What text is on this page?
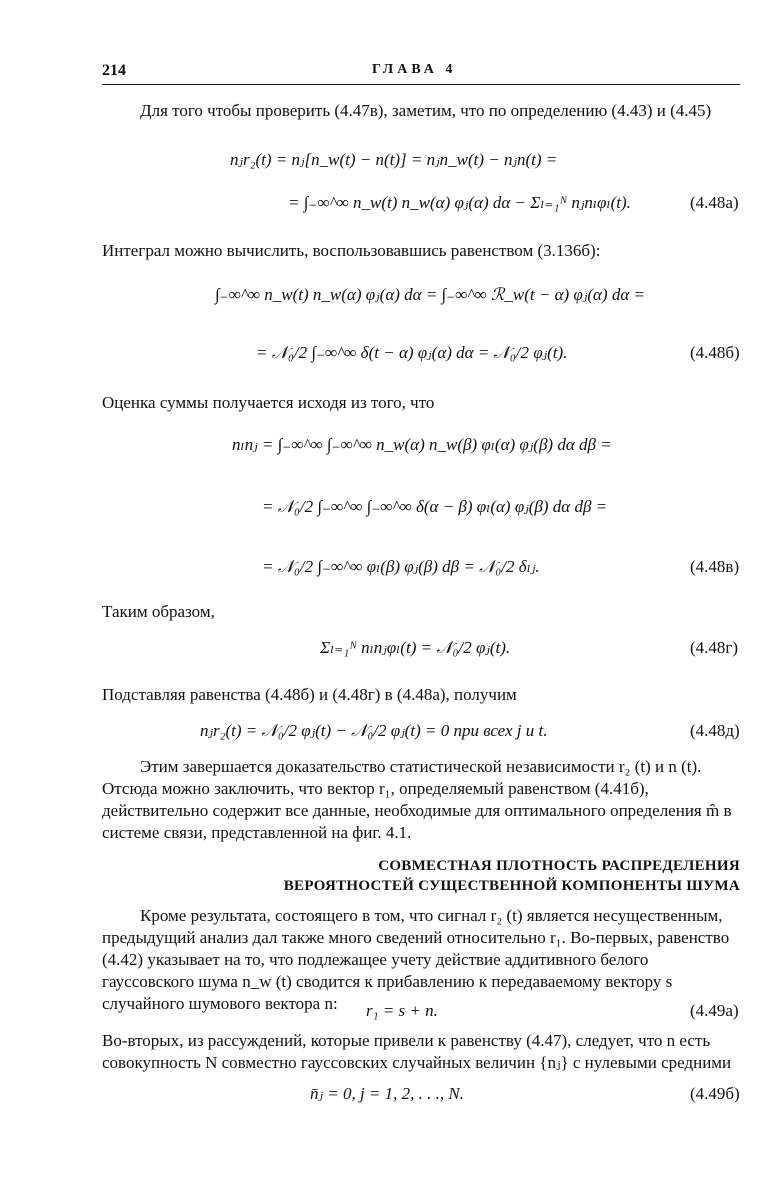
214	ГЛАВА 4
Для того чтобы проверить (4.47в), заметим, что по определению (4.43) и (4.45)
nⱼr₂(t) = nⱼ[n_w(t) − n(t)] = nⱼn_w(t) − nⱼn(t) =
= ∫₋∞^∞ n_w(t) n_w(α) φⱼ(α) dα − Σₗ₌₁ᴺ nⱼnₗφₗ(t).	(4.48а)
Интеграл можно вычислить, воспользовавшись равенством (3.136б):
∫₋∞^∞ n_w(t) n_w(α) φⱼ(α) dα = ∫₋∞^∞ ℛ_w(t − α) φⱼ(α) dα =
= 𝒩₀/2 ∫₋∞^∞ δ(t − α) φⱼ(α) dα = 𝒩₀/2 φⱼ(t).	(4.48б)
Оценка суммы получается исходя из того, что
nₗnⱼ = ∫₋∞^∞ ∫₋∞^∞ n_w(α) n_w(β) φₗ(α) φⱼ(β) dα dβ =
= 𝒩₀/2 ∫₋∞^∞ ∫₋∞^∞ δ(α − β) φₗ(α) φⱼ(β) dα dβ =
= 𝒩₀/2 ∫₋∞^∞ φₗ(β) φⱼ(β) dβ = 𝒩₀/2 δₗⱼ.	(4.48в)
Таким образом,
Σₗ₌₁ᴺ nₗnⱼφₗ(t) = 𝒩₀/2 φⱼ(t).	(4.48г)
Подставляя равенства (4.48б) и (4.48г) в (4.48а), получим
nⱼr₂(t) = 𝒩₀/2 φⱼ(t) − 𝒩₀/2 φⱼ(t) = 0 при всех j и t.	(4.48д)
Этим завершается доказательство статистической независимости r₂ (t) и n (t). Отсюда можно заключить, что вектор r₁, определяемый равенством (4.41б), действительно содержит все данные, необходимые для оптимального определения m̂ в системе связи, представленной на фиг. 4.1.
СОВМЕСТНАЯ ПЛОТНОСТЬ РАСПРЕДЕЛЕНИЯ
ВЕРОЯТНОСТЕЙ СУЩЕСТВЕННОЙ КОМПОНЕНТЫ ШУМА
Кроме результата, состоящего в том, что сигнал r₂ (t) является несущественным, предыдущий анализ дал также много сведений относительно r₁. Во-первых, равенство (4.42) указывает на то, что подлежащее учету действие аддитивного белого гауссовского шума n_w (t) сводится к прибавлению к передаваемому вектору s случайного шумового вектора n:	r₁ = s + n.	(4.49а)
Во-вторых, из рассуждений, которые привели к равенству (4.47), следует, что n есть совокупность N совместно гауссовских случайных величин {nⱼ} с нулевыми средними
n̄ⱼ = 0, j = 1, 2, . . ., N.	(4.49б)
